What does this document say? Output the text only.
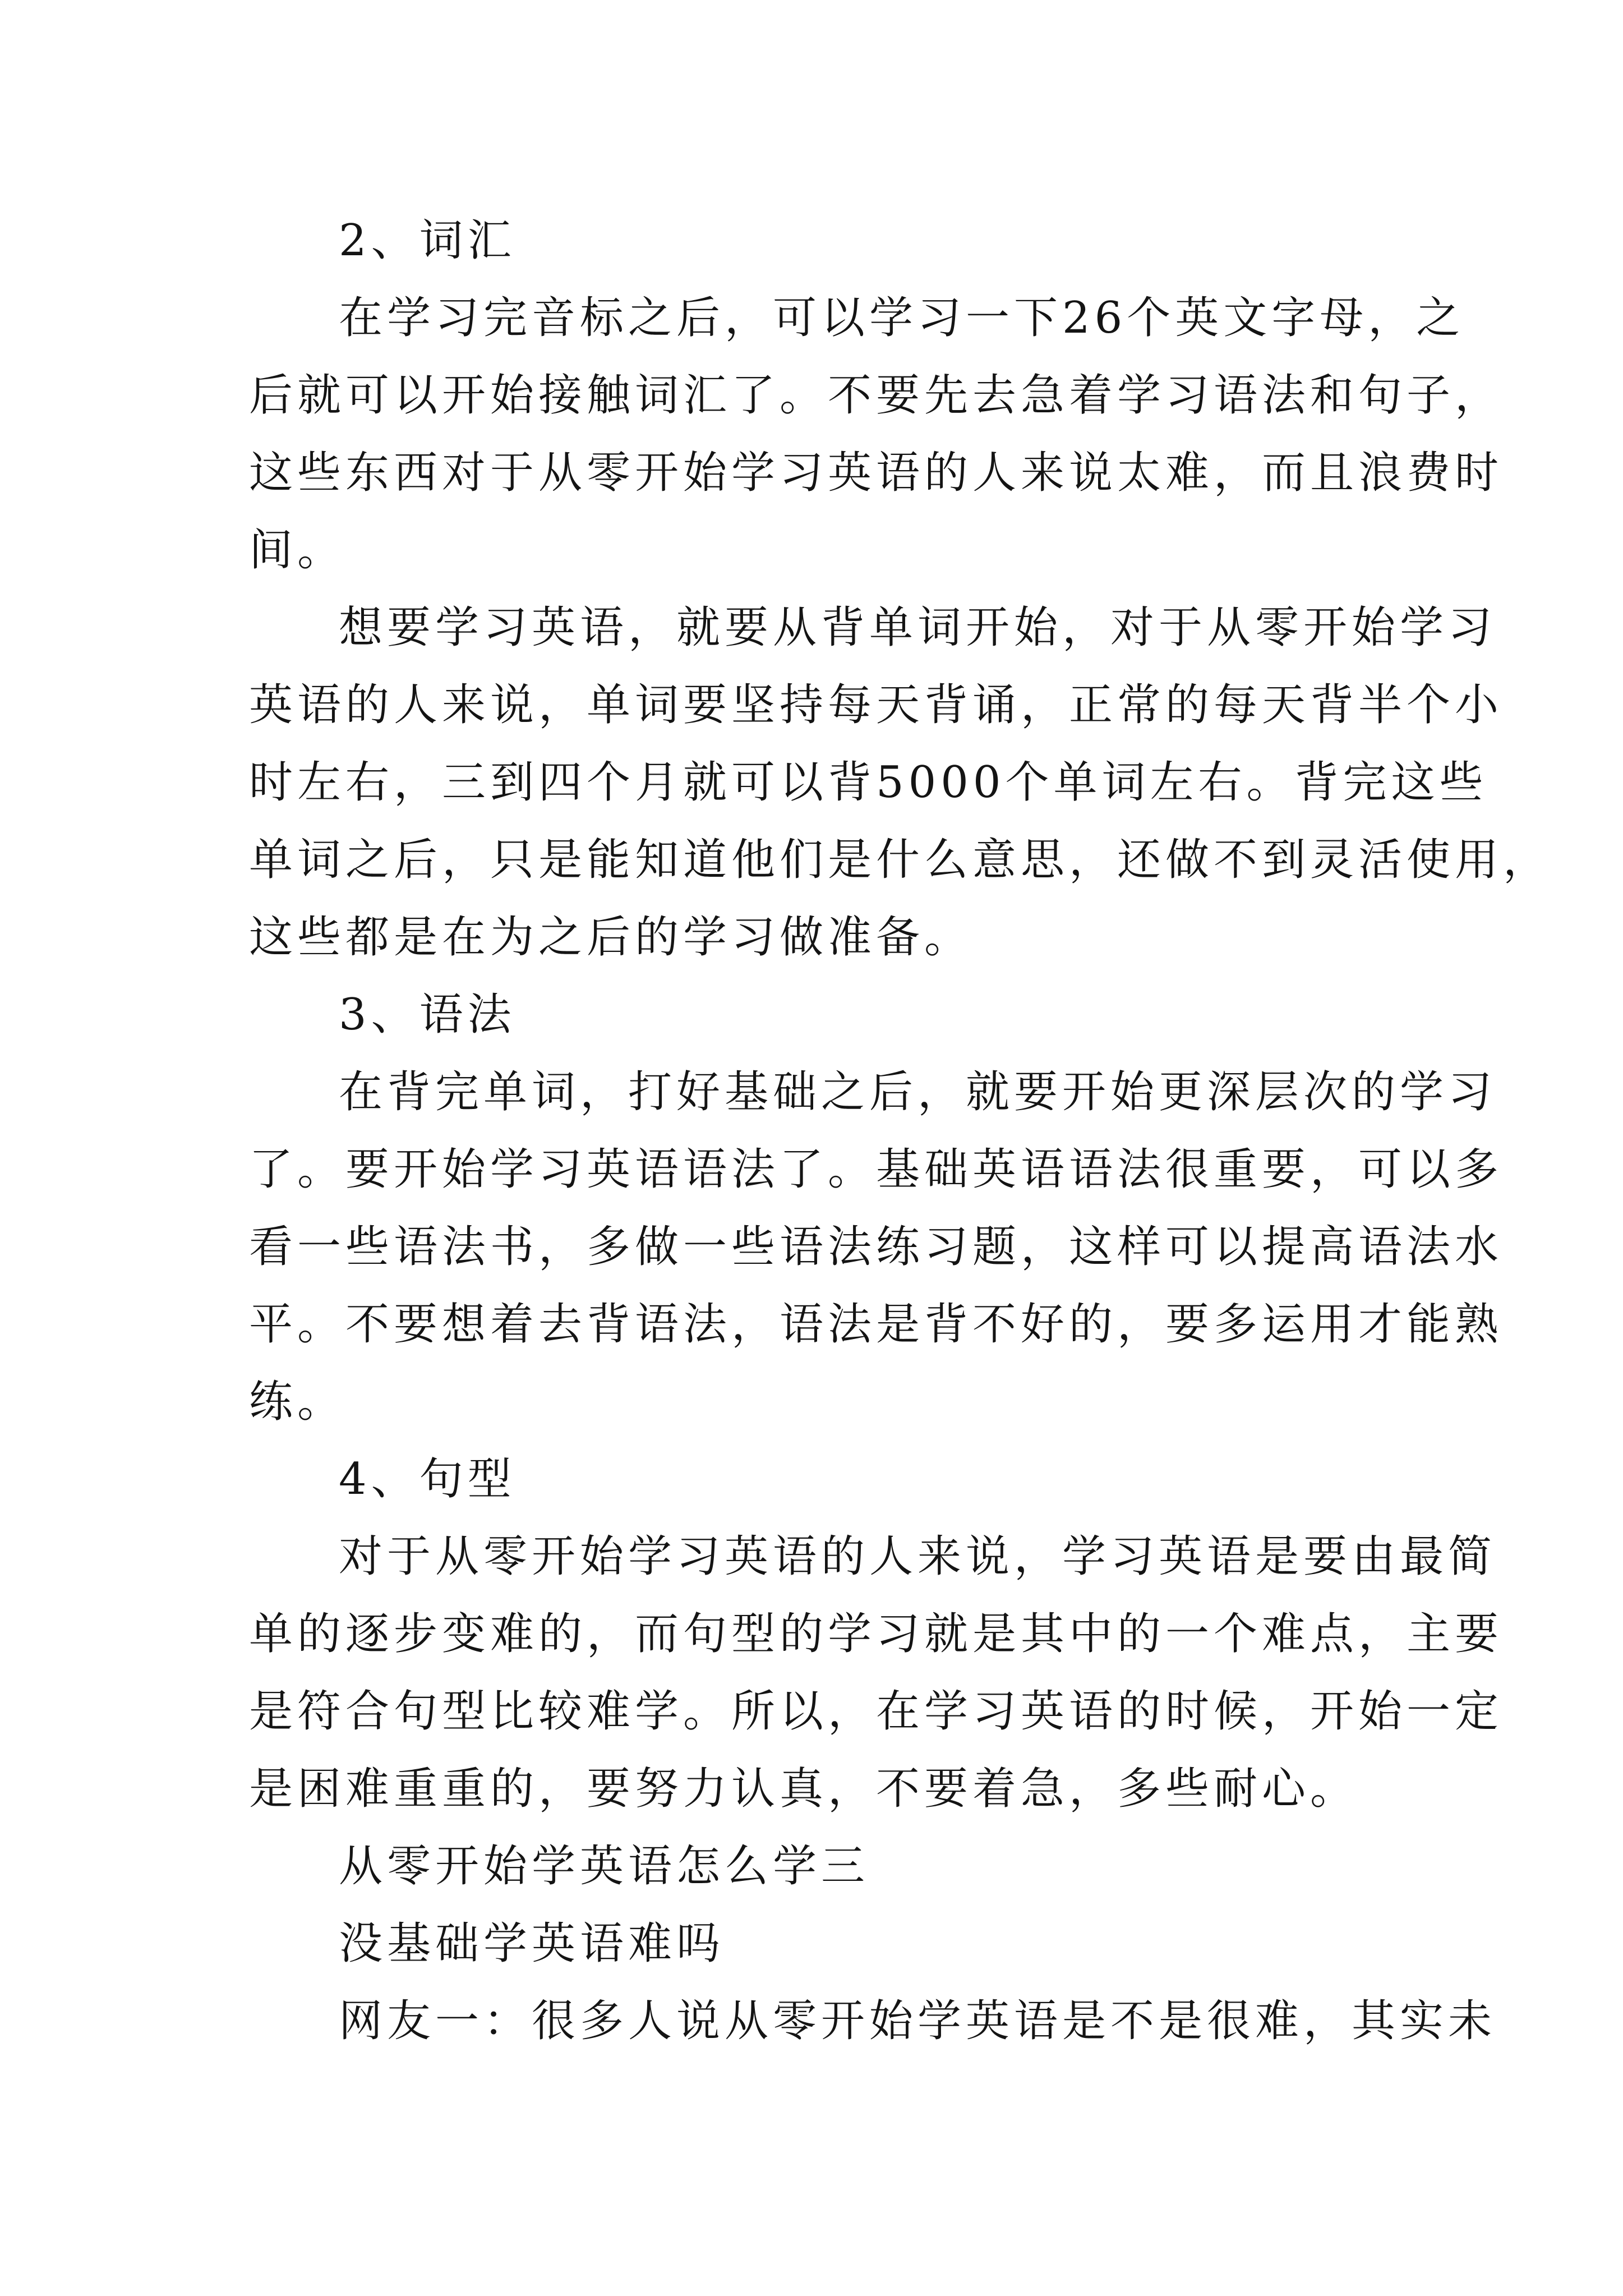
2、词汇
在学习完音标之后，可以学习一下26个英文字母，之
后就可以开始接触词汇了。不要先去急着学习语法和句子，
这些东西对于从零开始学习英语的人来说太难，而且浪费时
间。
想要学习英语，就要从背单词开始，对于从零开始学习
英语的人来说，单词要坚持每天背诵，正常的每天背半个小
时左右，三到四个月就可以背5000个单词左右。背完这些
单词之后，只是能知道他们是什么意思，还做不到灵活使用，
这些都是在为之后的学习做准备。
3、语法
在背完单词，打好基础之后，就要开始更深层次的学习
了。要开始学习英语语法了。基础英语语法很重要，可以多
看一些语法书，多做一些语法练习题，这样可以提高语法水
平。不要想着去背语法，语法是背不好的，要多运用才能熟
练。
4、句型
对于从零开始学习英语的人来说，学习英语是要由最简
单的逐步变难的，而句型的学习就是其中的一个难点，主要
是符合句型比较难学。所以，在学习英语的时候，开始一定
是困难重重的，要努力认真，不要着急，多些耐心。
从零开始学英语怎么学三
没基础学英语难吗
网友一：很多人说从零开始学英语是不是很难，其实未
